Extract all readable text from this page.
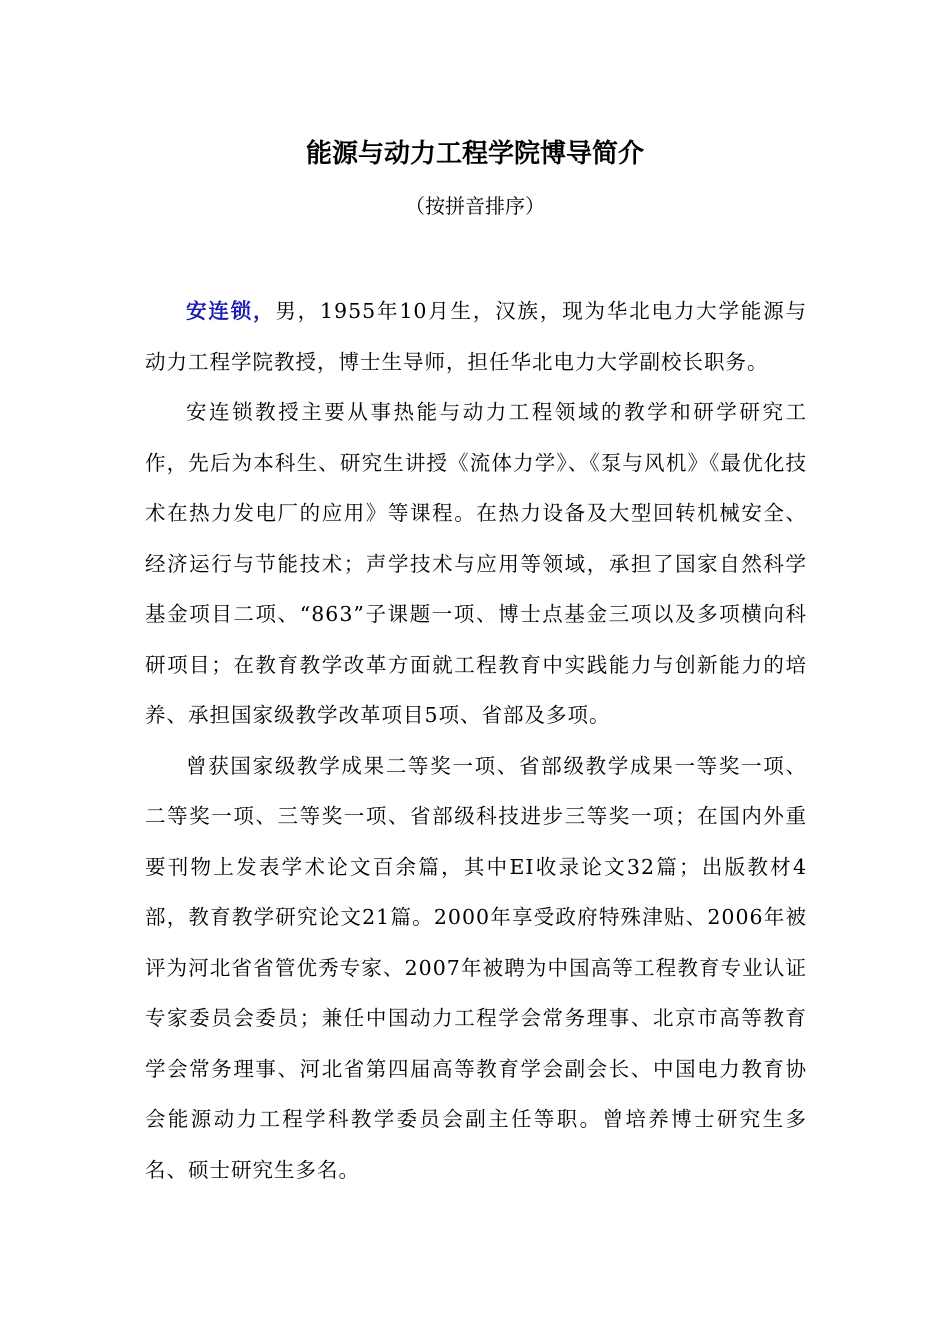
能源与动力工程学院博导简介
（按拼音排序）

安连锁，男，1955年10月生，汉族，现为华北电力大学能源与动力工程学院教授，博士生导师，担任华北电力大学副校长职务。

安连锁教授主要从事热能与动力工程领域的教学和研学研究工作，先后为本科生、研究生讲授《流体力学》、《泵与风机》《最优化技术在热力发电厂的应用》等课程。在热力设备及大型回转机械安全、经济运行与节能技术；声学技术与应用等领域，承担了国家自然科学基金项目二项、“863”子课题一项、博士点基金三项以及多项横向科研项目；在教育教学改革方面就工程教育中实践能力与创新能力的培养、承担国家级教学改革项目5项、省部及多项。

曾获国家级教学成果二等奖一项、省部级教学成果一等奖一项、二等奖一项、三等奖一项、省部级科技进步三等奖一项；在国内外重要刊物上发表学术论文百余篇，其中EI收录论文32篇；出版教材4部，教育教学研究论文21篇。2000年享受政府特殊津贴、2006年被评为河北省省管优秀专家、2007年被聘为中国高等工程教育专业认证专家委员会委员；兼任中国动力工程学会常务理事、北京市高等教育学会常务理事、河北省第四届高等教育学会副会长、中国电力教育协会能源动力工程学科教学委员会副主任等职。曾培养博士研究生多名、硕士研究生多名。
